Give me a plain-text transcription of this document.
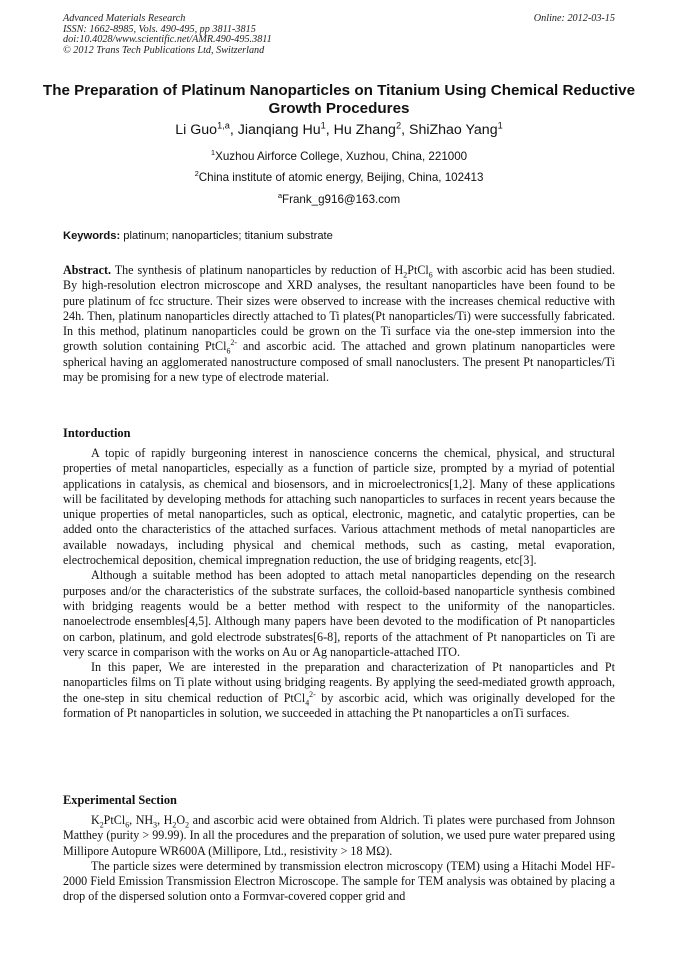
Advanced Materials Research
ISSN: 1662-8985, Vols. 490-495, pp 3811-3815
doi:10.4028/www.scientific.net/AMR.490-495.3811
© 2012 Trans Tech Publications Ltd, Switzerland
Online: 2012-03-15
The Preparation of Platinum Nanoparticles on Titanium Using Chemical Reductive Growth Procedures
Li Guo$^{1,a}$, Jianqiang Hu$^1$, Hu Zhang$^2$, ShiZhao Yang$^1$
$^1$Xuzhou Airforce College, Xuzhou, China, 221000
$^2$China institute of atomic energy, Beijing, China, 102413
$^a$Frank_g916@163.com
Keywords: platinum; nanoparticles; titanium substrate
Abstract. The synthesis of platinum nanoparticles by reduction of $H_2PtCl_6$ with ascorbic acid has been studied. By high-resolution electron microscope and XRD analyses, the resultant nanoparticles have been found to be pure platinum of fcc structure. Their sizes were observed to increase with the increases chemical reductive with 24h. Then, platinum nanoparticles directly attached to Ti plates(Pt nanoparticles/Ti) were successfully fabricated. In this method, platinum nanoparticles could be grown on the Ti surface via the one-step immersion into the growth solution containing PtCl$_6^{2-}$ and ascorbic acid. The attached and grown platinum nanoparticles were spherical having an agglomerated nanostructure composed of small nanoclusters. The present Pt nanoparticles/Ti may be promising for a new type of electrode material.
Intorduction

A topic of rapidly burgeoning interest in nanoscience concerns the chemical, physical, and structural properties of metal nanoparticles, especially as a function of particle size, prompted by a myriad of potential applications in catalysis, as chemical and biosensors, and in microelectronics[1,2]. Many of these applications will be facilitated by developing methods for attaching such nanoparticles to surfaces in recent years because the unique properties of metal nanoparticles, such as optical, electronic, magnetic, and catalytic properties, can be added onto the characteristics of the attached surfaces. Various attachment methods of metal nanoparticles are available nowadays, including physical and chemical methods, such as casting, metal evaporation, electrochemical deposition, chemical impregnation reduction, the use of bridging reagents, etc[3].

Although a suitable method has been adopted to attach metal nanoparticles depending on the research purposes and/or the characteristics of the substrate surfaces, the colloid-based nanoparticle synthesis combined with bridging reagents would be a better method with respect to the uniformity of the nanoparticles. nanoelectrode ensembles[4,5]. Although many papers have been devoted to the modification of Pt nanoparticles on carbon, platinum, and gold electrode substrates[6-8], reports of the attachment of Pt nanoparticles on Ti are very scarce in comparison with the works on Au or Ag nanoparticle-attached ITO.

In this paper, We are interested in the preparation and characterization of Pt nanoparticles and Pt nanoparticles films on Ti plate without using bridging reagents. By applying the seed-mediated growth approach, the one-step in situ chemical reduction of PtCl$_4^{2-}$ by ascorbic acid, which was originally developed for the formation of Pt nanoparticles in solution, we succeeded in attaching the Pt nanoparticles a onTi surfaces.

Experimental Section

$K_2PtCl_6$, $NH_3$, $H_2O_2$ and ascorbic acid were obtained from Aldrich. Ti plates were purchased from Johnson Matthey (purity > 99.99). In all the procedures and the preparation of solution, we used pure water prepared using Millipore Autopure WR600A (Millipore, Ltd., resistivity > 18 MΩ).

The particle sizes were determined by transmission electron microscopy (TEM) using a Hitachi Model HF-2000 Field Emission Transmission Electron Microscope. The sample for TEM analysis was obtained by placing a drop of the dispersed solution onto a Formvar-covered copper grid and
